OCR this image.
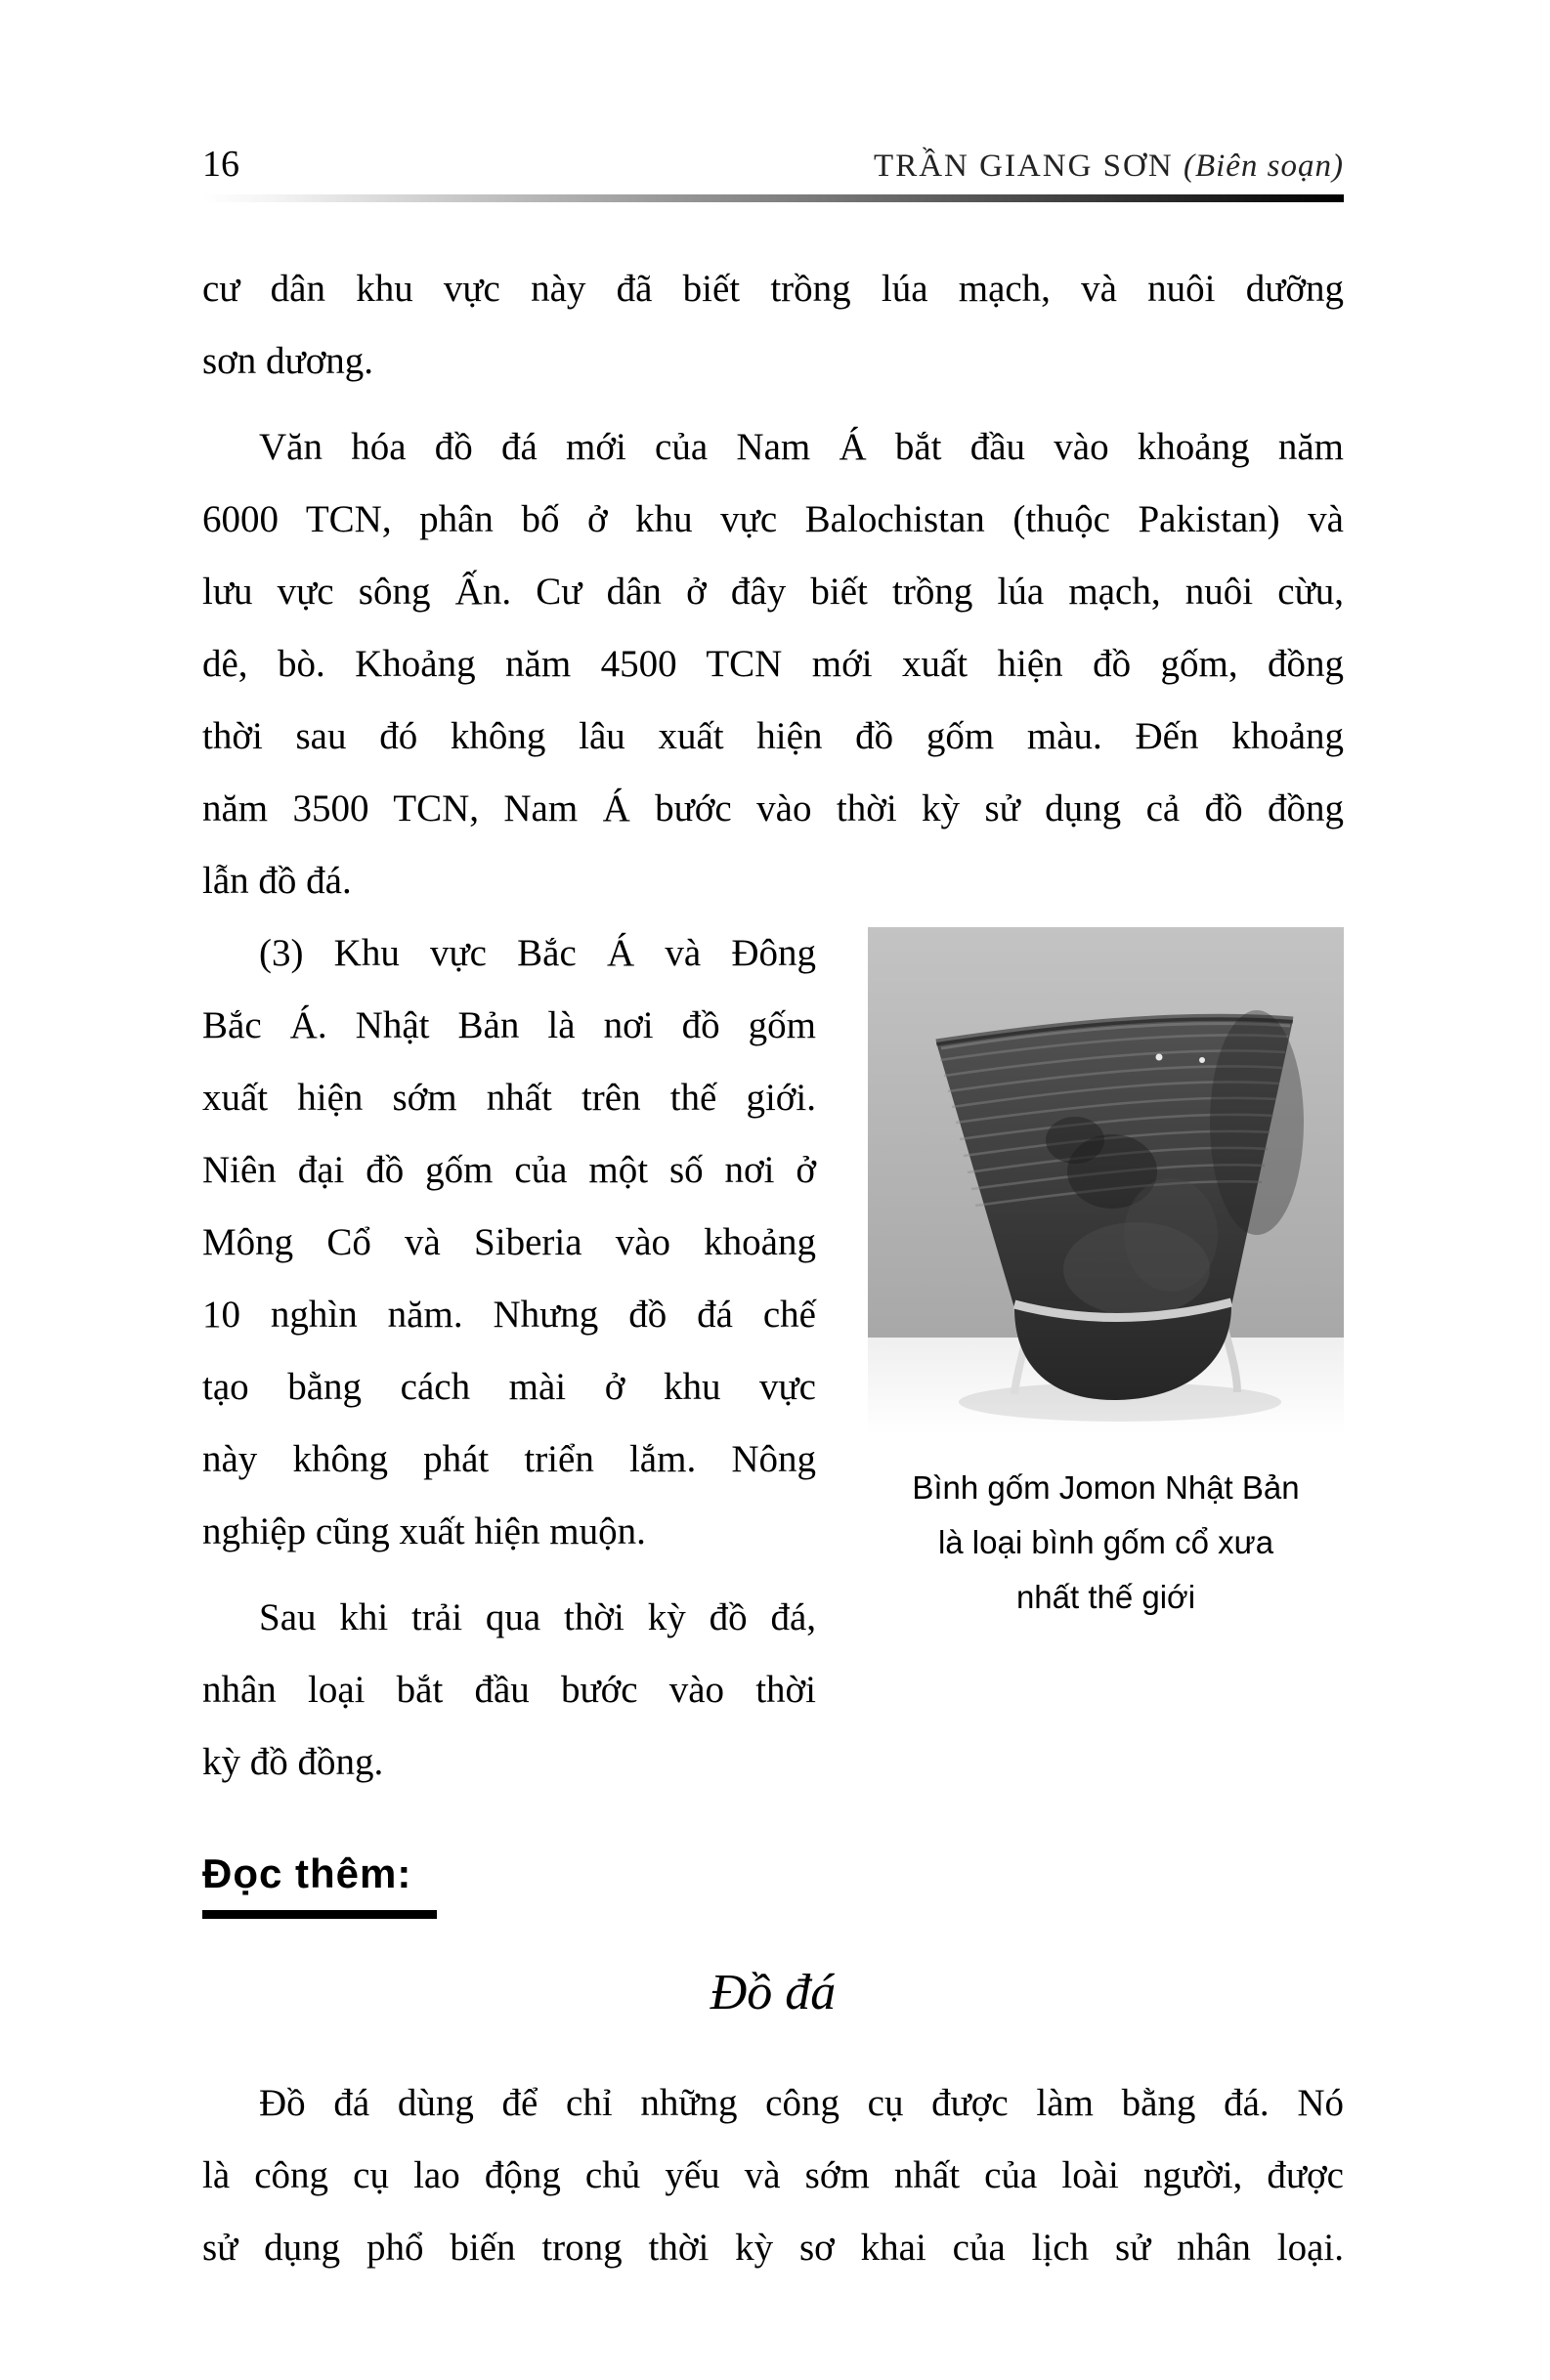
16	TRẦN GIANG SƠN (Biên soạn)
cư dân khu vực này đã biết trồng lúa mạch, và nuôi dưỡng
sơn dương.
Văn hóa đồ đá mới của Nam Á bắt đầu vào khoảng năm
6000 TCN, phân bố ở khu vực Balochistan (thuộc Pakistan) và
lưu vực sông Ấn. Cư dân ở đây biết trồng lúa mạch, nuôi cừu,
dê, bò. Khoảng năm 4500 TCN mới xuất hiện đồ gốm, đồng
thời sau đó không lâu xuất hiện đồ gốm màu. Đến khoảng
năm 3500 TCN, Nam Á bước vào thời kỳ sử dụng cả đồ đồng
lẫn đồ đá.
Bình gốm Jomon Nhật Bản
là loại bình gốm cổ xưa
nhất thế giới
(3) Khu vực Bắc Á và Đông
Bắc Á. Nhật Bản là nơi đồ gốm
xuất hiện sớm nhất trên thế giới.
Niên đại đồ gốm của một số nơi ở
Mông Cổ và Siberia vào khoảng
10 nghìn năm. Nhưng đồ đá chế
tạo bằng cách mài ở khu vực
này không phát triển lắm. Nông
nghiệp cũng xuất hiện muộn.
Sau khi trải qua thời kỳ đồ đá,
nhân loại bắt đầu bước vào thời
kỳ đồ đồng.
Đọc thêm:
Đồ đá
Đồ đá dùng để chỉ những công cụ được làm bằng đá. Nó
là công cụ lao động chủ yếu và sớm nhất của loài người, được
sử dụng phổ biến trong thời kỳ sơ khai của lịch sử nhân loại.
